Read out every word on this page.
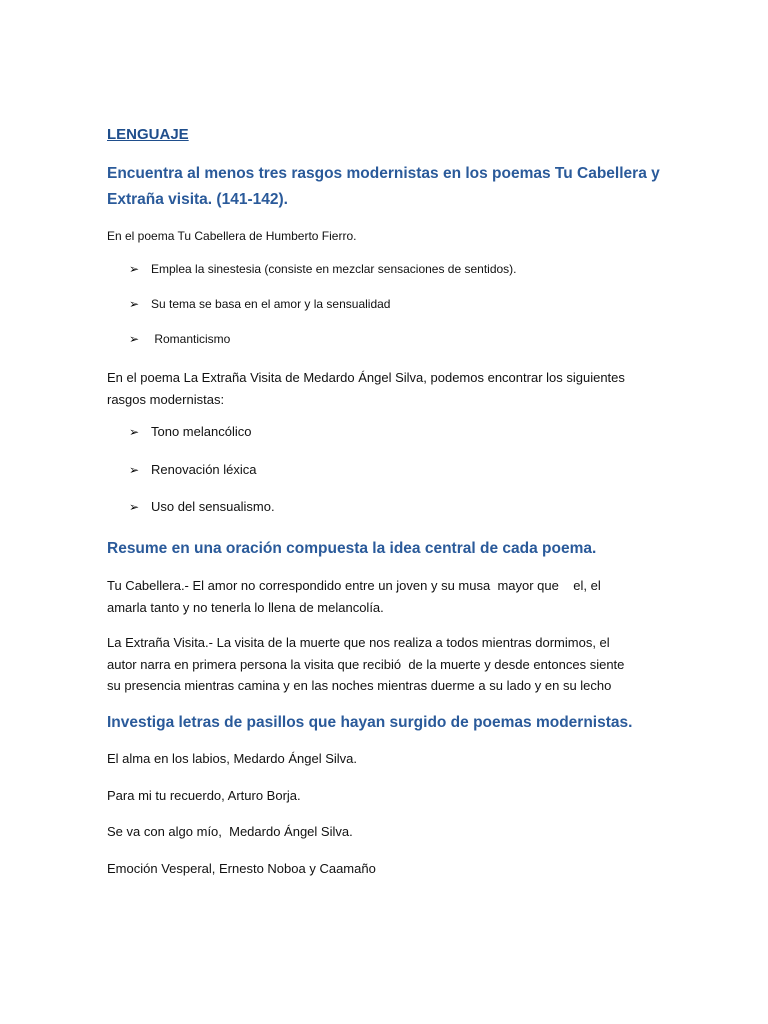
LENGUAJE
Encuentra al menos tres rasgos modernistas en los poemas Tu Cabellera y
Extraña visita. (141-142).
En el poema Tu Cabellera de Humberto Fierro.
➢ Emplea la sinestesia (consiste en mezclar sensaciones de sentidos).
➢ Su tema se basa en el amor y la sensualidad
➢ Romanticismo
En el poema La Extraña Visita de Medardo Ángel Silva, podemos encontrar los siguientes
rasgos modernistas:
➢ Tono melancólico
➢ Renovación léxica
➢ Uso del sensualismo.
Resume en una oración compuesta la idea central de cada poema.
Tu Cabellera.- El amor no correspondido entre un joven y su musa  mayor que    el, el
amarla tanto y no tenerla lo llena de melancolía.
La Extraña Visita.- La visita de la muerte que nos realiza a todos mientras dormimos, el
autor narra en primera persona la visita que recibió  de la muerte y desde entonces siente
su presencia mientras camina y en las noches mientras duerme a su lado y en su lecho
Investiga letras de pasillos que hayan surgido de poemas modernistas.
El alma en los labios, Medardo Ángel Silva.
Para mi tu recuerdo, Arturo Borja.
Se va con algo mío,  Medardo Ángel Silva.
Emoción Vesperal, Ernesto Noboa y Caamaño
